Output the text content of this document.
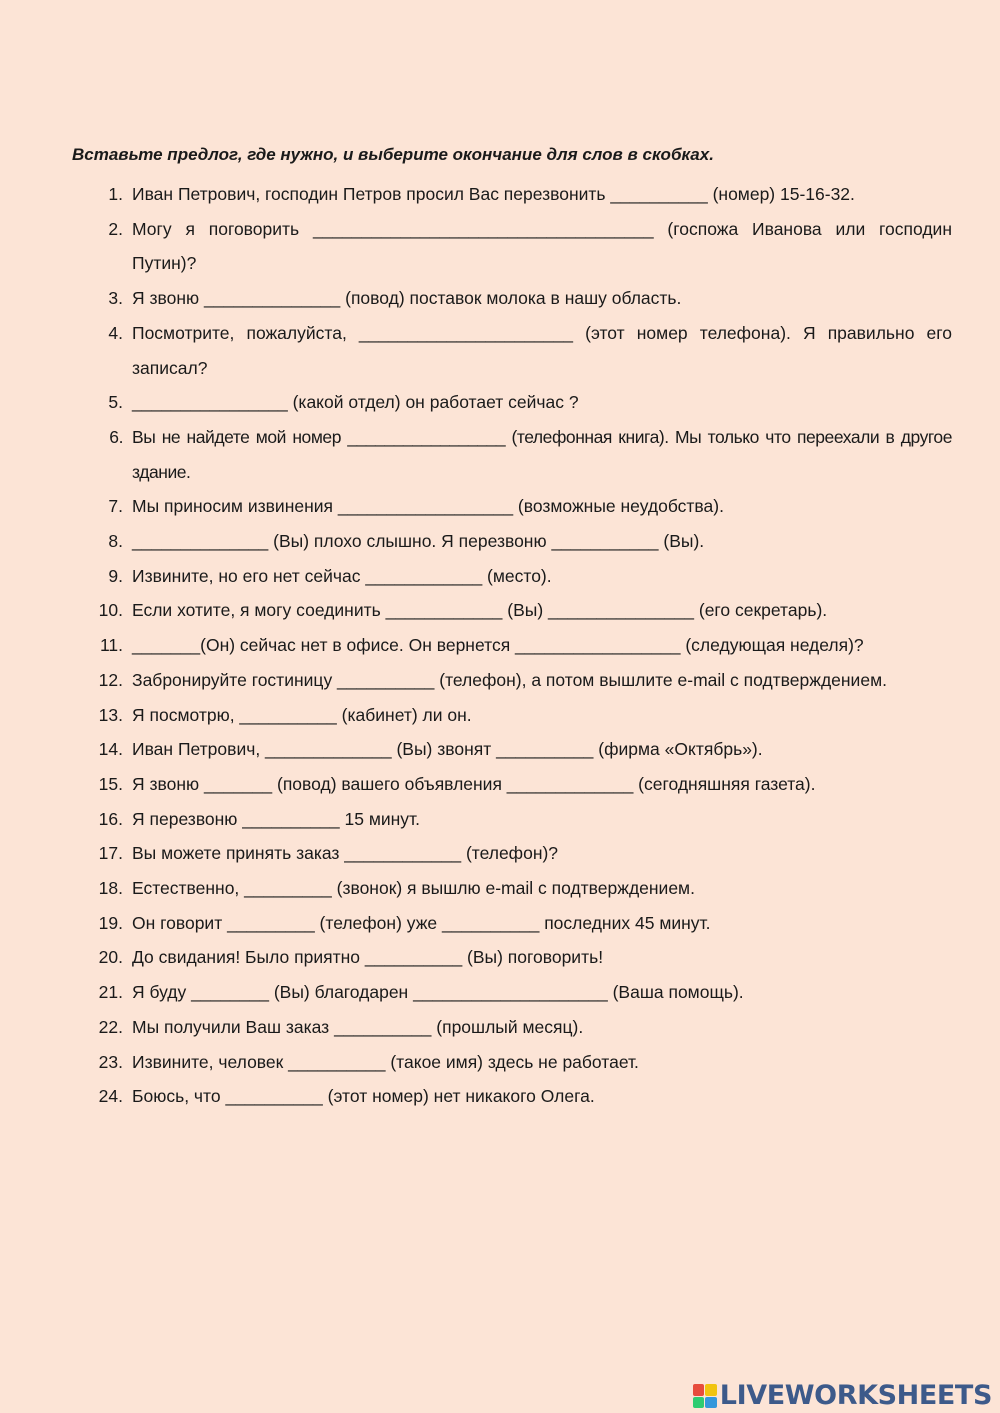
Вставьте предлог, где нужно, и выберите окончание для слов в скобках.
1. Иван Петрович, господин Петров просил Вас перезвонить __________ (номер) 15-16-32.
2. Могу я поговорить ___________________________________ (госпожа Иванова или господин Путин)?
3. Я звоню ______________ (повод) поставок молока в нашу область.
4. Посмотрите, пожалуйста, ______________________ (этот номер телефона). Я правильно его записал?
5. ________________ (какой отдел) он работает сейчас ?
6. Вы не найдете мой номер _________________ (телефонная книга). Мы только что переехали в другое здание.
7. Мы приносим извинения __________________ (возможные неудобства).
8. ______________ (Вы) плохо слышно. Я перезвоню ___________ (Вы).
9. Извините, но его нет сейчас ____________ (место).
10. Если хотите, я могу соединить ____________ (Вы) _______________ (его секретарь).
11. _______(Он) сейчас нет в офисе. Он вернется _________________ (следующая неделя)?
12. Забронируйте гостиницу __________ (телефон), а потом вышлите e-mail с подтверждением.
13. Я посмотрю, __________ (кабинет) ли он.
14. Иван Петрович, _____________ (Вы) звонят __________ (фирма «Октябрь»).
15. Я звоню _______ (повод) вашего объявления _____________ (сегодняшняя газета).
16. Я перезвоню __________ 15 минут.
17. Вы можете принять заказ ____________ (телефон)?
18. Естественно, _________ (звонок) я вышлю e-mail с подтверждением.
19. Он говорит _________ (телефон) уже __________ последних 45 минут.
20. До свидания! Было приятно __________ (Вы) поговорить!
21. Я буду ________ (Вы) благодарен ____________________ (Ваша помощь).
22. Мы получили Ваш заказ __________ (прошлый месяц).
23. Извините, человек __________ (такое имя) здесь не работает.
24. Боюсь, что __________ (этот номер) нет никакого Олега.
LIVEWORKSHEETS
